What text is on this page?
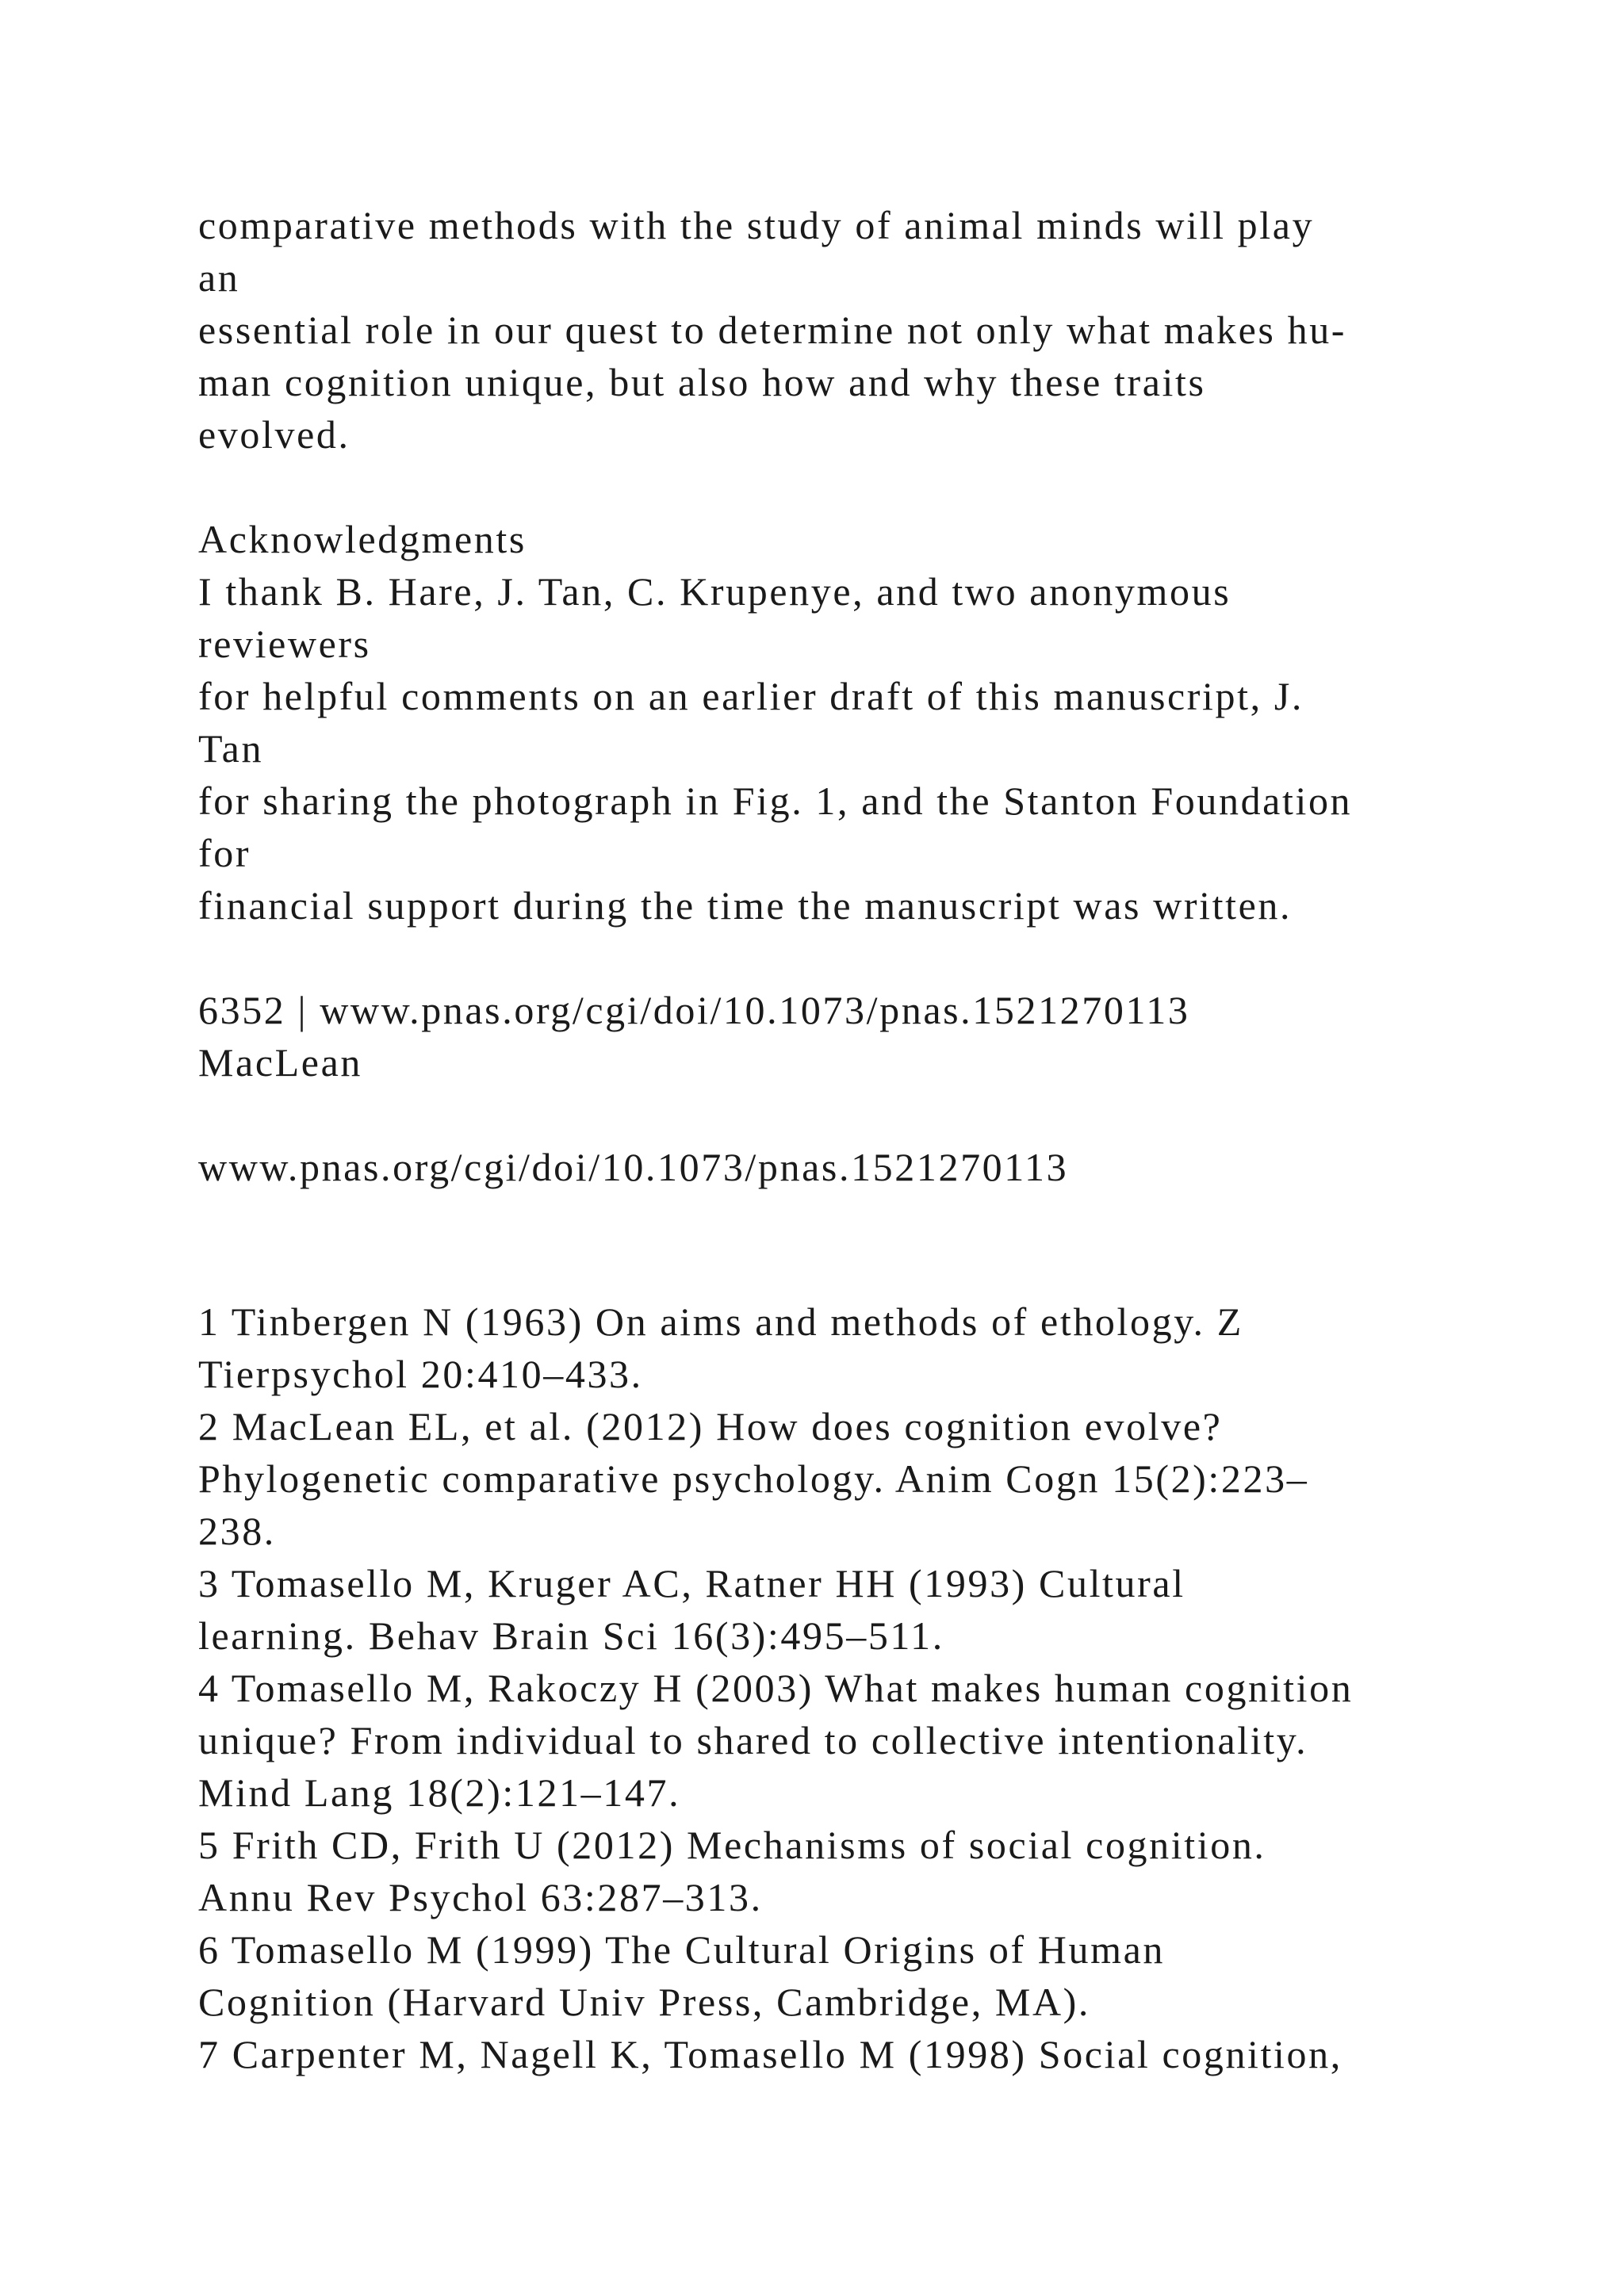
comparative methods with the study of animal minds will play

an

essential role in our quest to determine not only what makes hu-

man cognition unique, but also how and why these traits

evolved.

Acknowledgments

I thank B. Hare, J. Tan, C. Krupenye, and two anonymous

reviewers

for helpful comments on an earlier draft of this manuscript, J.

Tan

for sharing the photograph in Fig. 1, and the Stanton Foundation

for

financial support during the time the manuscript was written.

6352 | www.pnas.org/cgi/doi/10.1073/pnas.1521270113

MacLean

www.pnas.org/cgi/doi/10.1073/pnas.1521270113

1 Tinbergen N (1963) On aims and methods of ethology. Z

Tierpsychol 20:410–433.

2 MacLean EL, et al. (2012) How does cognition evolve?

Phylogenetic comparative psychology. Anim Cogn 15(2):223–

238.

3 Tomasello M, Kruger AC, Ratner HH (1993) Cultural

learning. Behav Brain Sci 16(3):495–511.

4 Tomasello M, Rakoczy H (2003) What makes human cognition

unique? From individual to shared to collective intentionality.

Mind Lang 18(2):121–147.

5 Frith CD, Frith U (2012) Mechanisms of social cognition.

Annu Rev Psychol 63:287–313.

6 Tomasello M (1999) The Cultural Origins of Human

Cognition (Harvard Univ Press, Cambridge, MA).

7 Carpenter M, Nagell K, Tomasello M (1998) Social cognition,
